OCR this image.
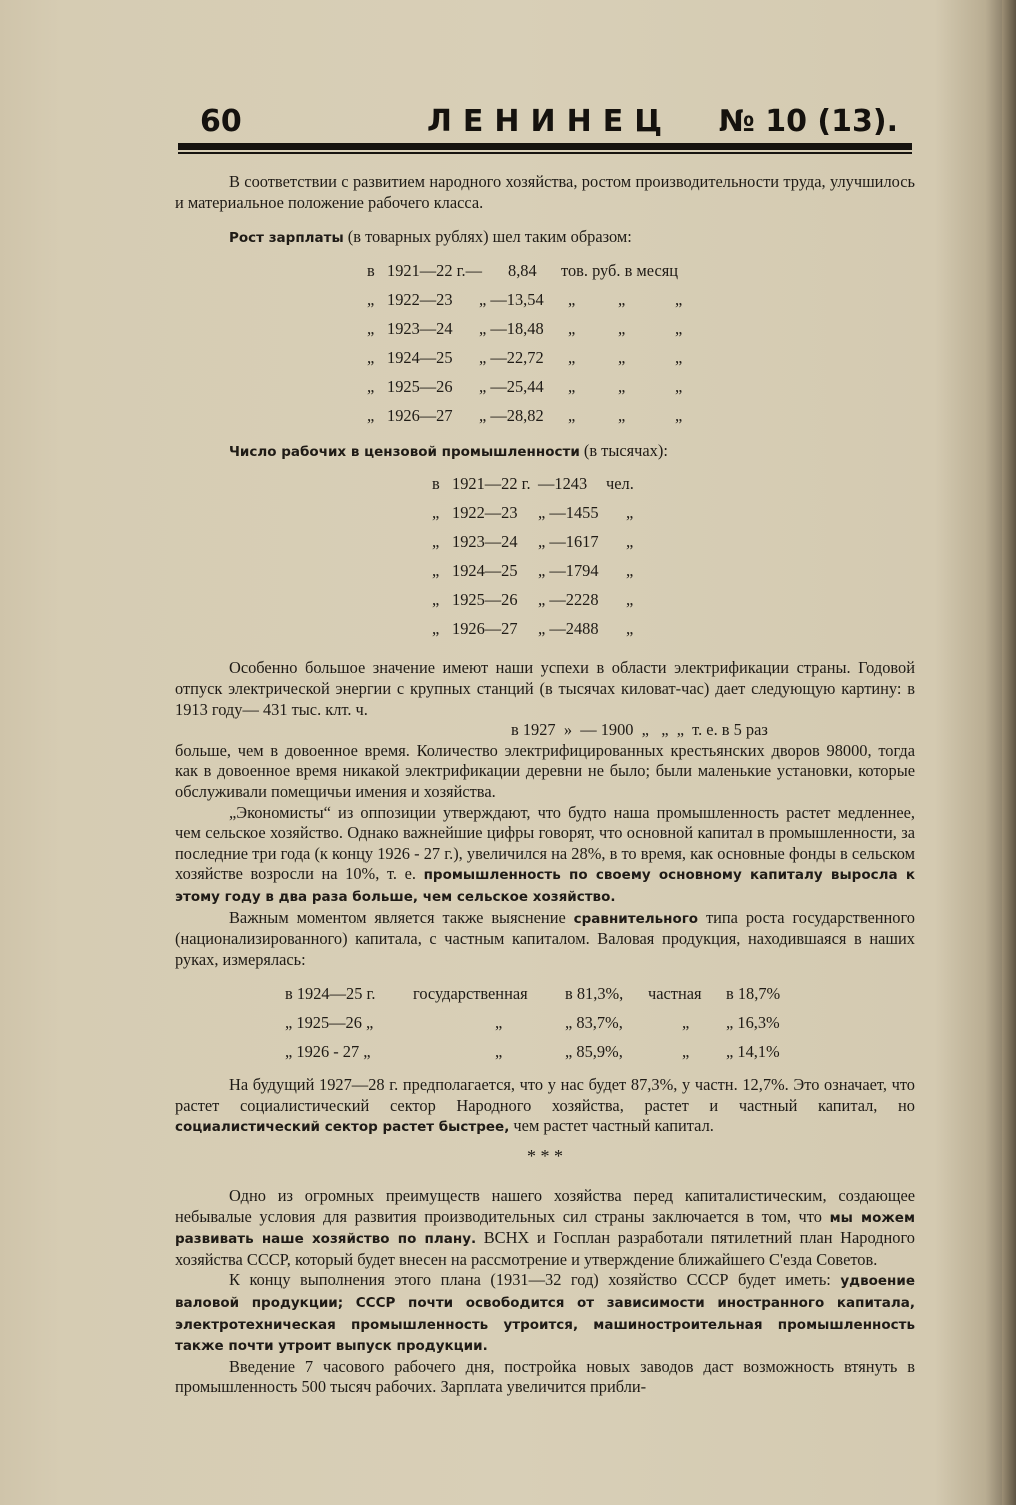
60	ЛЕНИНЕЦ № 10 (13).

В соответствии с развитием народного хозяйства, ростом производительности труда, улучшилось и материальное положение рабочего класса.

Рост зарплаты (в товарных рублях) шел таким образом:

в 1921—22 г.— 8,84 тов. руб. в месяц
„ 1922—23 „ —13,54 „	„	„
„ 1923—24 „ —18,48 „	„	„
„ 1924—25 „ —22,72 „	„	„
„ 1925—26 „ —25,44 „	„	„
„ 1926—27 „ —28,82 „	„	„

Число рабочих в цензовой промышленности (в тысячах):

в 1921—22 г. —1243 чел.
„ 1922—23 „ —1455 „
„ 1923—24 „ —1617 „
„ 1924—25 „ —1794 „
„ 1925—26 „ —2228 „
„ 1926—27 „ —2488 „

Особенно большое значение имеют наши успехи в области электрификации страны. Годовой отпуск электрической энергии с крупных станций (в тысячах киловат-час) дает следующую картину: в 1913 году— 431 тыс. клт. ч.

в 1927  »  — 1900  „   „  „  т. е. в 5 раз

больше, чем в довоенное время. Количество электрифицированных крестьянских дворов 98000, тогда как в довоенное время никакой электрификации деревни не было; были маленькие установки, которые обслуживали помещичьи имения и хозяйства.

„Экономисты“ из оппозиции утверждают, что будто наша промышленность растет медленнее, чем сельское хозяйство. Однако важнейшие цифры говорят, что основной капитал в промышленности, за последние три года (к концу 1926 - 27 г.), увеличился на 28%, в то время, как основные фонды в сельском хозяйстве возросли на 10%, т. е. промышленность по своему основному капиталу выросла к этому году в два раза больше, чем сельское хозяйство.

Важным моментом является также выяснение сравнительного типа роста государственного (национализированного) капитала, с частным капиталом. Валовая продукция, находившаяся в наших руках, измерялась:

в 1924—25 г. государственная в 81,3%, частная в 18,7%
„ 1925—26 „	„	„ 83,7%,	„ „ 16,3%
„ 1926 - 27 „	„	„ 85,9%,	„ „ 14,1%

На будущий 1927—28 г. предполагается, что у нас будет 87,3%, у частн. 12,7%. Это означает, что растет социалистический сектор Народного хозяйства, растет и частный капитал, но социалистический сектор растет быстрее, чем растет частный капитал.

* * *

Одно из огромных преимуществ нашего хозяйства перед капиталистическим, создающее небывалые условия для развития производительных сил страны заключается в том, что мы можем развивать наше хозяйство по плану. ВСНХ и Госплан разработали пятилетний план Народного хозяйства СССР, который будет внесен на рассмотрение и утверждение ближайшего С'езда Советов.

К концу выполнения этого плана (1931—32 год) хозяйство СССР будет иметь: удвоение валовой продукции; СССР почти освободится от зависимости иностранного капитала, электротехническая промышленность утроится, машиностроительная промышленность также почти утроит выпуск продукции.

Введение 7 часового рабочего дня, постройка новых заводов даст возможность втянуть в промышленность 500 тысяч рабочих. Зарплата увеличится прибли-
